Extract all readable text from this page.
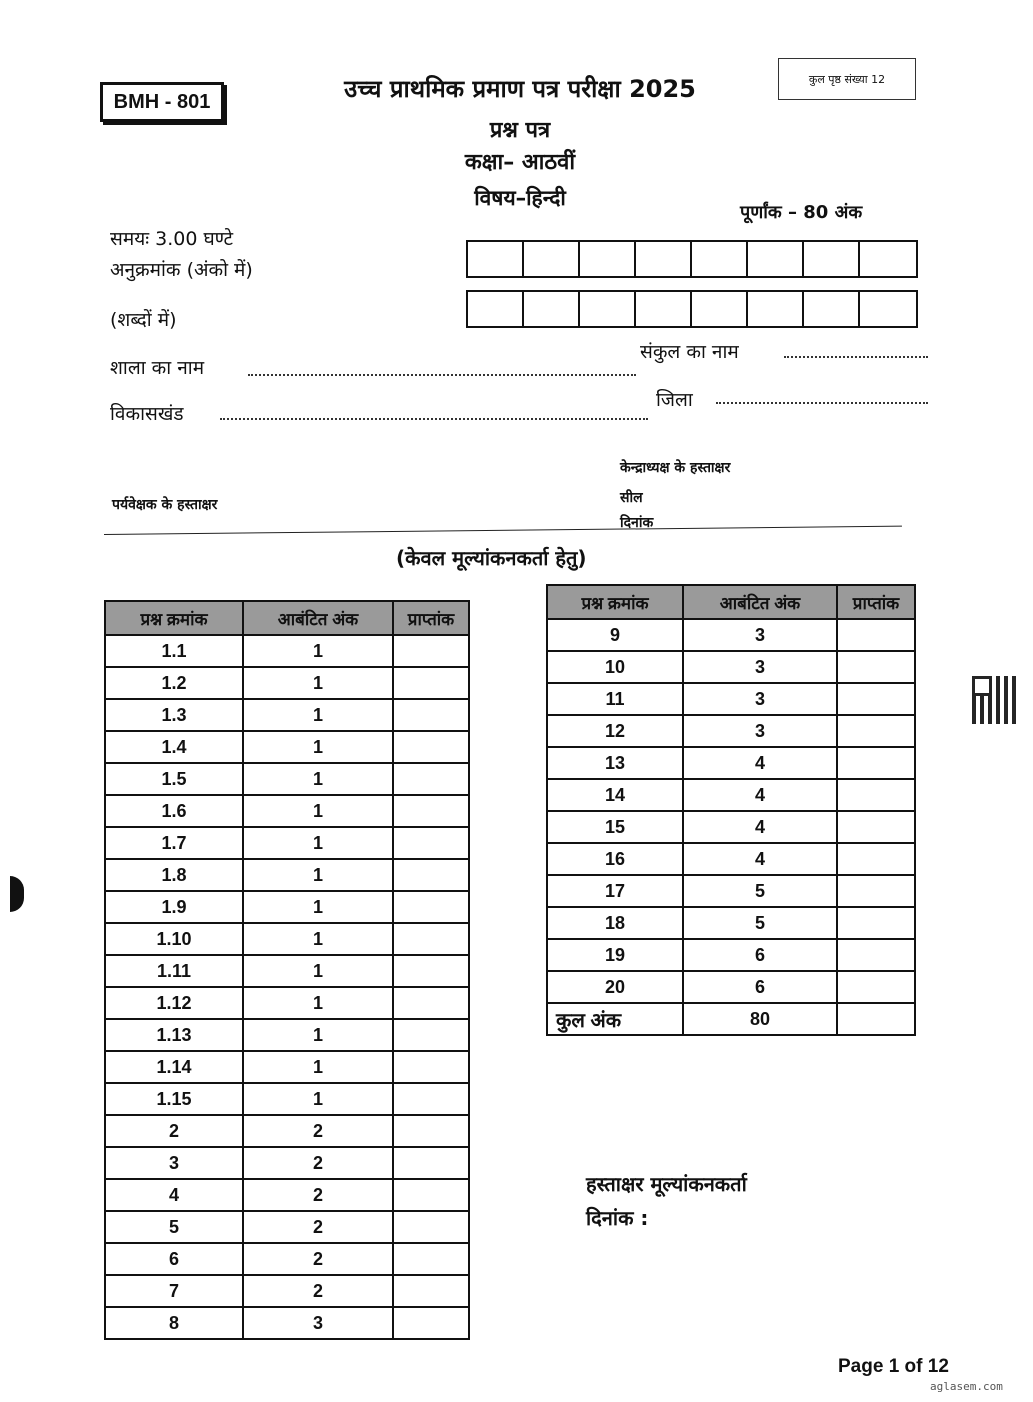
BMH - 801
कुल पृष्ठ संख्या 12
उच्च प्राथमिक प्रमाण पत्र परीक्षा 2025
प्रश्न पत्र
कक्षा– आठवीं
विषय–हिन्दी
पूर्णांक – 80 अंक
समयः 3.00 घण्टे
अनुक्रमांक (अंको में)
(शब्दों में)
शाला का नाम
संकुल का नाम
विकासखंड
जिला
केन्द्राध्यक्ष के हस्ताक्षर
सील
दिनांक
पर्यवेक्षक के हस्ताक्षर
(केवल मूल्यांकनकर्ता हेतु)
प्रश्न क्रमांक	आबंटित अंक	प्राप्तांक
1.1	1	
1.2	1	
1.3	1	
1.4	1	
1.5	1	
1.6	1	
1.7	1	
1.8	1	
1.9	1	
1.10	1	
1.11	1	
1.12	1	
1.13	1	
1.14	1	
1.15	1	
2	2	
3	2	
4	2	
5	2	
6	2	
7	2	
8	3	
प्रश्न क्रमांक	आबंटित अंक	प्राप्तांक
9	3	
10	3	
11	3	
12	3	
13	4	
14	4	
15	4	
16	4	
17	5	
18	5	
19	6	
20	6	
कुल अंक	80	
हस्ताक्षर मूल्यांकनकर्ता
दिनांक :
Page 1 of 12
aglasem.com
